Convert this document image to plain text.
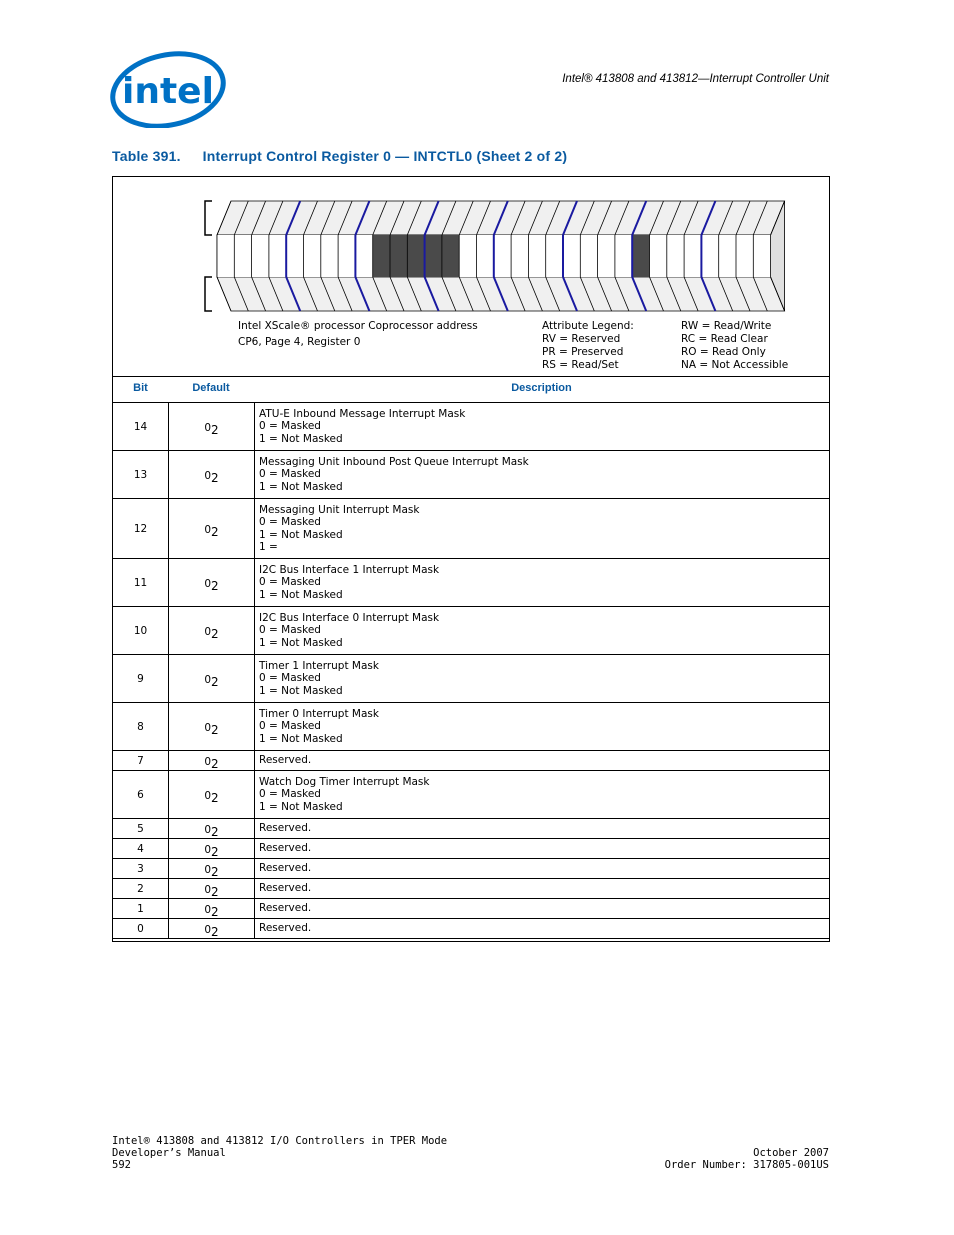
intel	Intel® 413808 and 413812—Interrupt Controller Unit
Table 391. Interrupt Control Register 0 — INTCTL0 (Sheet 2 of 2)
Intel XScale® processor Coprocessor address
CP6, Page 4, Register 0
Attribute Legend:
RV = Reserved
PR = Preserved
RS = Read/Set
RW = Read/Write
RC = Read Clear
RO = Read Only
NA = Not Accessible
Bit	Default	Description
14	02	ATU-E Inbound Message Interrupt Mask
0 = Masked
1 = Not Masked

13	02	Messaging Unit Inbound Post Queue Interrupt Mask
0 = Masked
1 = Not Masked

12	02	Messaging Unit Interrupt Mask
0 = Masked
1 = Not Masked
1 =

11	02	I2C Bus Interface 1 Interrupt Mask
0 = Masked
1 = Not Masked

10	02	I2C Bus Interface 0 Interrupt Mask
0 = Masked
1 = Not Masked

9	02	Timer 1 Interrupt Mask
0 = Masked
1 = Not Masked

8	02	Timer 0 Interrupt Mask
0 = Masked
1 = Not Masked

7	02	Reserved.

6	02	Watch Dog Timer Interrupt Mask
0 = Masked
1 = Not Masked

5	02	Reserved.

4	02	Reserved.

3	02	Reserved.

2	02	Reserved.

1	02	Reserved.

0	02	Reserved.
Intel® 413808 and 413812 I/O Controllers in TPER Mode
Developer’s Manual
592
October 2007
Order Number: 317805-001US
